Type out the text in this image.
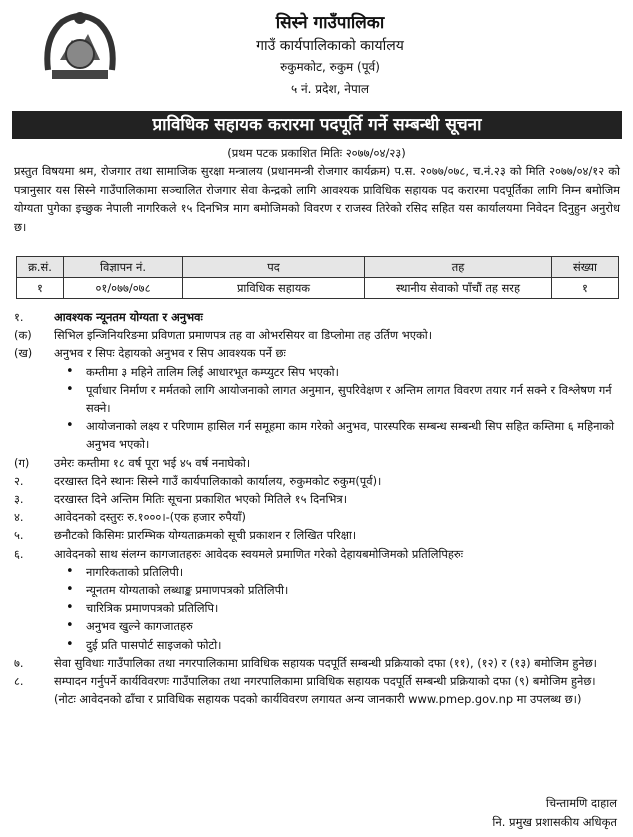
सिस्ने गाउँपालिका
गाउँ कार्यपालिकाको कार्यालय
रुकुमकोट, रुकुम (पूर्व)
५ नं. प्रदेश, नेपाल
प्राविधिक सहायक करारमा पदपूर्ति गर्ने सम्बन्धी सूचना
(प्रथम पटक प्रकाशित मितिः २०७७/०४/२३)
प्रस्तुत विषयमा श्रम, रोजगार तथा सामाजिक सुरक्षा मन्त्रालय (प्रधानमन्त्री रोजगार कार्यक्रम) प.स. २०७७/०७८, च.नं.२३ को मिति २०७७/०४/१२ को पत्रानुसार यस सिस्ने गाउँपालिकामा सञ्चालित रोजगार सेवा केन्द्रको लागि आवश्यक प्राविधिक सहायक पद करारमा पदपूर्तिका लागि निम्न बमोजिम योग्यता पुगेका इच्छुक नेपाली नागरिकले १५ दिनभित्र माग बमोजिमको विवरण र राजस्व तिरेको रसिद सहित यस कार्यालयमा निवेदन दिनुहुन अनुरोध छ।
क्र.सं.	विज्ञापन नं.	पद	तह	संख्या
१	०१/०७७/०७८	प्राविधिक सहायक	स्थानीय सेवाको पाँचौं तह सरह	१
१.	आवश्यक न्यूनतम योग्यता र अनुभवः
(क)	सिभिल इन्जिनियरिङमा प्रविणता प्रमाणपत्र तह वा ओभरसियर वा डिप्लोमा तह उर्तिण भएको।
(ख)	अनुभव र सिपः देहायको अनुभव र सिप आवश्यक पर्ने छः
• कम्तीमा ३ महिने तालिम लिई आधारभूत कम्प्युटर सिप भएको।
• पूर्वाधार निर्माण र मर्मतको लागि आयोजनाको लागत अनुमान, सुपरिवेक्षण र अन्तिम लागत विवरण तयार गर्न सक्ने र विश्लेषण गर्न सक्ने।
• आयोजनाको लक्ष्य र परिणाम हासिल गर्न समूहमा काम गरेको अनुभव, पारस्परिक सम्बन्ध सम्बन्धी सिप सहित कम्तिमा ६ महिनाको अनुभव भएको।
(ग)	उमेरः कम्तीमा १८ वर्ष पूरा भई ४५ वर्ष ननाघेको।
२.	दरखास्त दिने स्थानः सिस्ने गाउँ कार्यपालिकाको कार्यालय, रुकुमकोट रुकुम(पूर्व)।
३.	दरखास्त दिने अन्तिम मितिः सूचना प्रकाशित भएको मितिले १५ दिनभित्र।
४.	आवेदनको दस्तुरः रु.१०००।-(एक हजार रुपैयाँ)
५.	छनौटको किसिमः प्रारम्भिक योग्यताक्रमको सूची प्रकाशन र लिखित परिक्षा।
६.	आवेदनको साथ संलग्न कागजातहरुः आवेदक स्वयमले प्रमाणित गरेको देहायबमोजिमको प्रतिलिपिहरुः
• नागरिकताको प्रतिलिपी।
• न्यूनतम योग्यताको लब्धाङ्क प्रमाणपत्रको प्रतिलिपी।
• चारित्रिक प्रमाणपत्रको प्रतिलिपि।
• अनुभव खुल्ने कागजातहरु
• दुई प्रति पासपोर्ट साइजको फोटो।
७.	सेवा सुविधाः गाउँपालिका तथा नगरपालिकामा प्राविधिक सहायक पदपूर्ति सम्बन्धी प्रक्रियाको दफा (११), (१२) र (१३) बमोजिम हुनेछ।
८.	सम्पादन गर्नुपर्ने कार्यविवरणः गाउँपालिका तथा नगरपालिकामा प्राविधिक सहायक पदपूर्ति सम्बन्धी प्रक्रियाको दफा (९) बमोजिम हुनेछ।
(नोटः आवेदनको ढाँचा र प्राविधिक सहायक पदको कार्यविवरण लगायत अन्य जानकारी www.pmep.gov.np मा उपलब्ध छ।)
चिन्तामणि दाहाल
नि. प्रमुख प्रशासकीय अधिकृत
